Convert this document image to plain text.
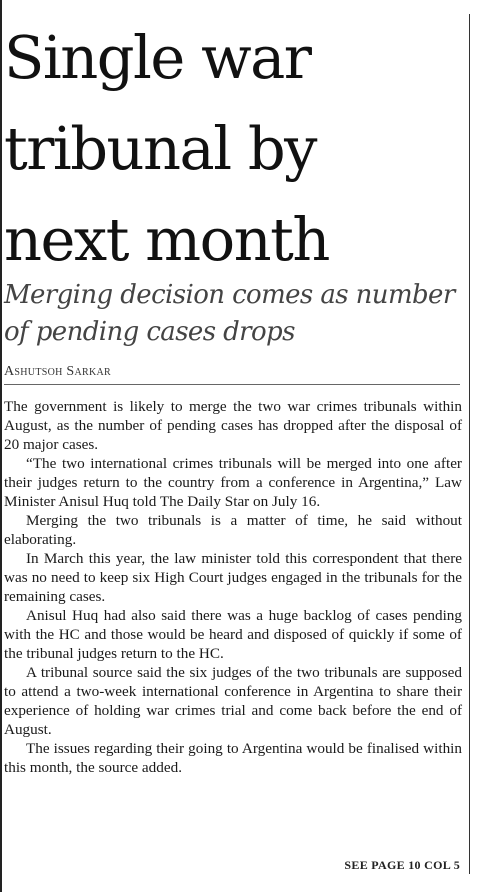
Single war
tribunal by
next month
Merging decision comes as number
of pending cases drops
Ashutsoh Sarkar

The government is likely to merge the two war crimes tribunals within August, as the number of pending cases has dropped after the disposal of 20 major cases.

“The two international crimes tribunals will be merged into one after their judges return to the country from a conference in Argentina,” Law Minister Anisul Huq told The Daily Star on July 16.

Merging the two tribunals is a matter of time, he said without elaborating.

In March this year, the law minister told this correspondent that there was no need to keep six High Court judges engaged in the tribunals for the remaining cases.

Anisul Huq had also said there was a huge backlog of cases pending with the HC and those would be heard and disposed of quickly if some of the tribunal judges return to the HC.

A tribunal source said the six judges of the two tribunals are supposed to attend a two-week international conference in Argentina to share their experience of holding war crimes trial and come back before the end of August.

The issues regarding their going to Argentina would be finalised within this month, the source added.

SEE PAGE 10 COL 5
